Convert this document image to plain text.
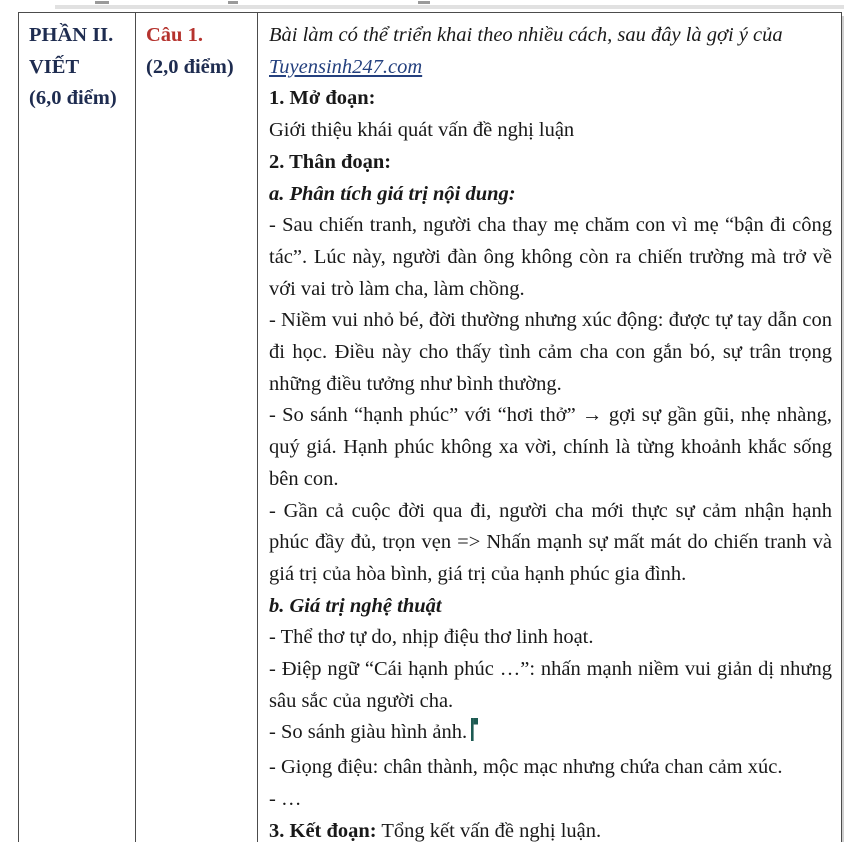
PHẦN II.

VIẾT

(6,0 điểm)

Câu 1.

(2,0 điểm)

Bài làm có thể triển khai theo nhiều cách, sau đây là gợi ý của

Tuyensinh247.com

1. Mở đoạn:

Giới thiệu khái quát vấn đề nghị luận

2. Thân đoạn:

a. Phân tích giá trị nội dung:

- Sau chiến tranh, người cha thay mẹ chăm con vì mẹ “bận đi công tác”. Lúc này, người đàn ông không còn ra chiến trường mà trở về với vai trò làm cha, làm chồng.

- Niềm vui nhỏ bé, đời thường nhưng xúc động: được tự tay dẫn con đi học. Điều này cho thấy tình cảm cha con gắn bó, sự trân trọng những điều tưởng như bình thường.

- So sánh “hạnh phúc” với “hơi thở” → gợi sự gần gũi, nhẹ nhàng, quý giá. Hạnh phúc không xa vời, chính là từng khoảnh khắc sống bên con.

- Gần cả cuộc đời qua đi, người cha mới thực sự cảm nhận hạnh phúc đầy đủ, trọn vẹn => Nhấn mạnh sự mất mát do chiến tranh và giá trị của hòa bình, giá trị của hạnh phúc gia đình.

b. Giá trị nghệ thuật

- Thể thơ tự do, nhịp điệu thơ linh hoạt.

- Điệp ngữ “Cái hạnh phúc …”: nhấn mạnh niềm vui giản dị nhưng sâu sắc của người cha.

- So sánh giàu hình ảnh.

- Giọng điệu: chân thành, mộc mạc nhưng chứa chan cảm xúc.

- …

3. Kết đoạn: Tổng kết vấn đề nghị luận.
